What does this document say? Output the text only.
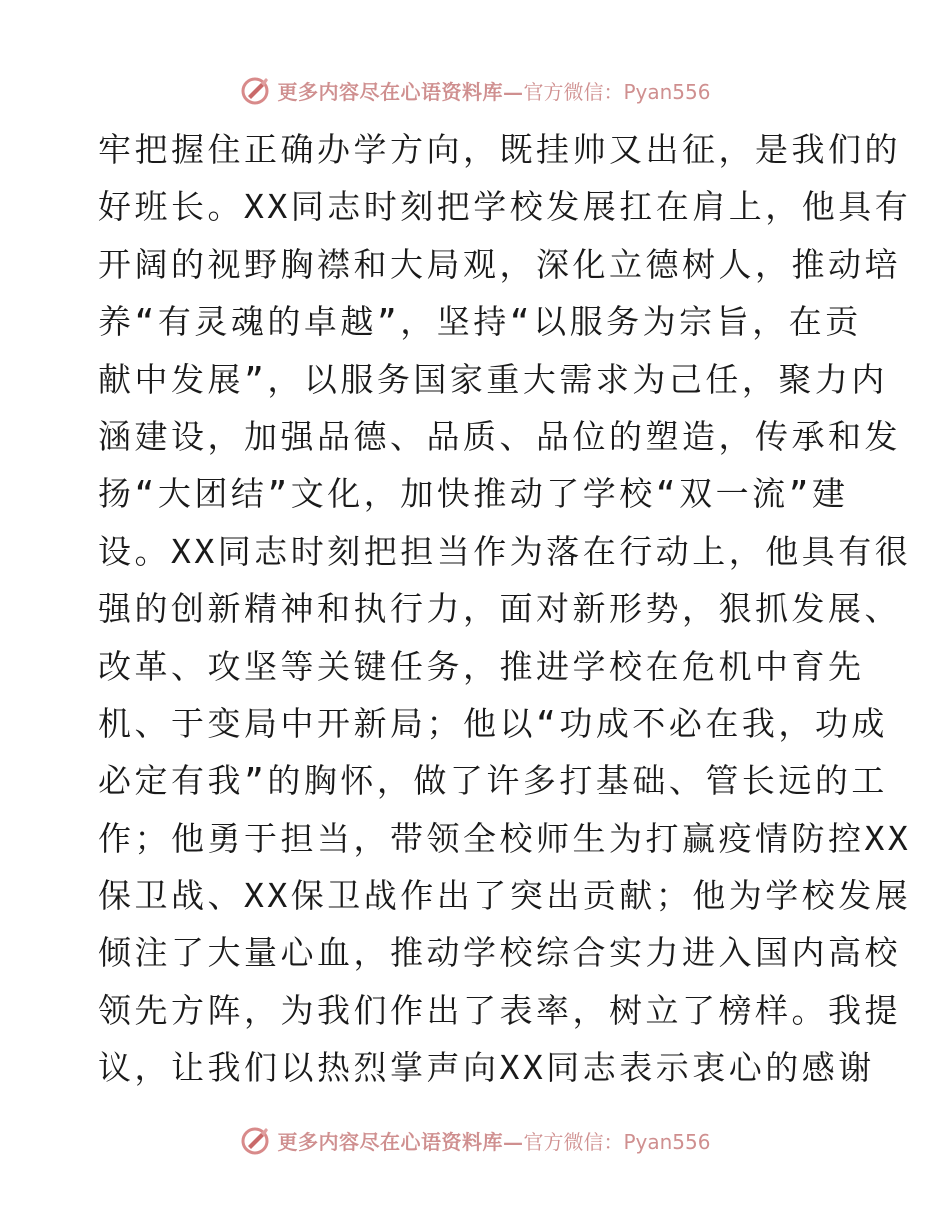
更多内容尽在心语资料库— 官方微信：Pyan556
牢把握住正确办学方向，既挂帅又出征，是我们的
好班长。XX同志时刻把学校发展扛在肩上，他具有
开阔的视野胸襟和大局观，深化立德树人，推动培
养“有灵魂的卓越”，坚持“以服务为宗旨，在贡
献中发展”，以服务国家重大需求为己任，聚力内
涵建设，加强品德、品质、品位的塑造，传承和发
扬“大团结”文化，加快推动了学校“双一流”建
设。XX同志时刻把担当作为落在行动上，他具有很
强的创新精神和执行力，面对新形势，狠抓发展、
改革、攻坚等关键任务，推进学校在危机中育先
机、于变局中开新局；他以“功成不必在我，功成
必定有我”的胸怀，做了许多打基础、管长远的工
作；他勇于担当，带领全校师生为打赢疫情防控XX
保卫战、XX保卫战作出了突出贡献；他为学校发展
倾注了大量心血，推动学校综合实力进入国内高校
领先方阵，为我们作出了表率，树立了榜样。我提
议，让我们以热烈掌声向XX同志表示衷心的感谢
更多内容尽在心语资料库— 官方微信：Pyan556
